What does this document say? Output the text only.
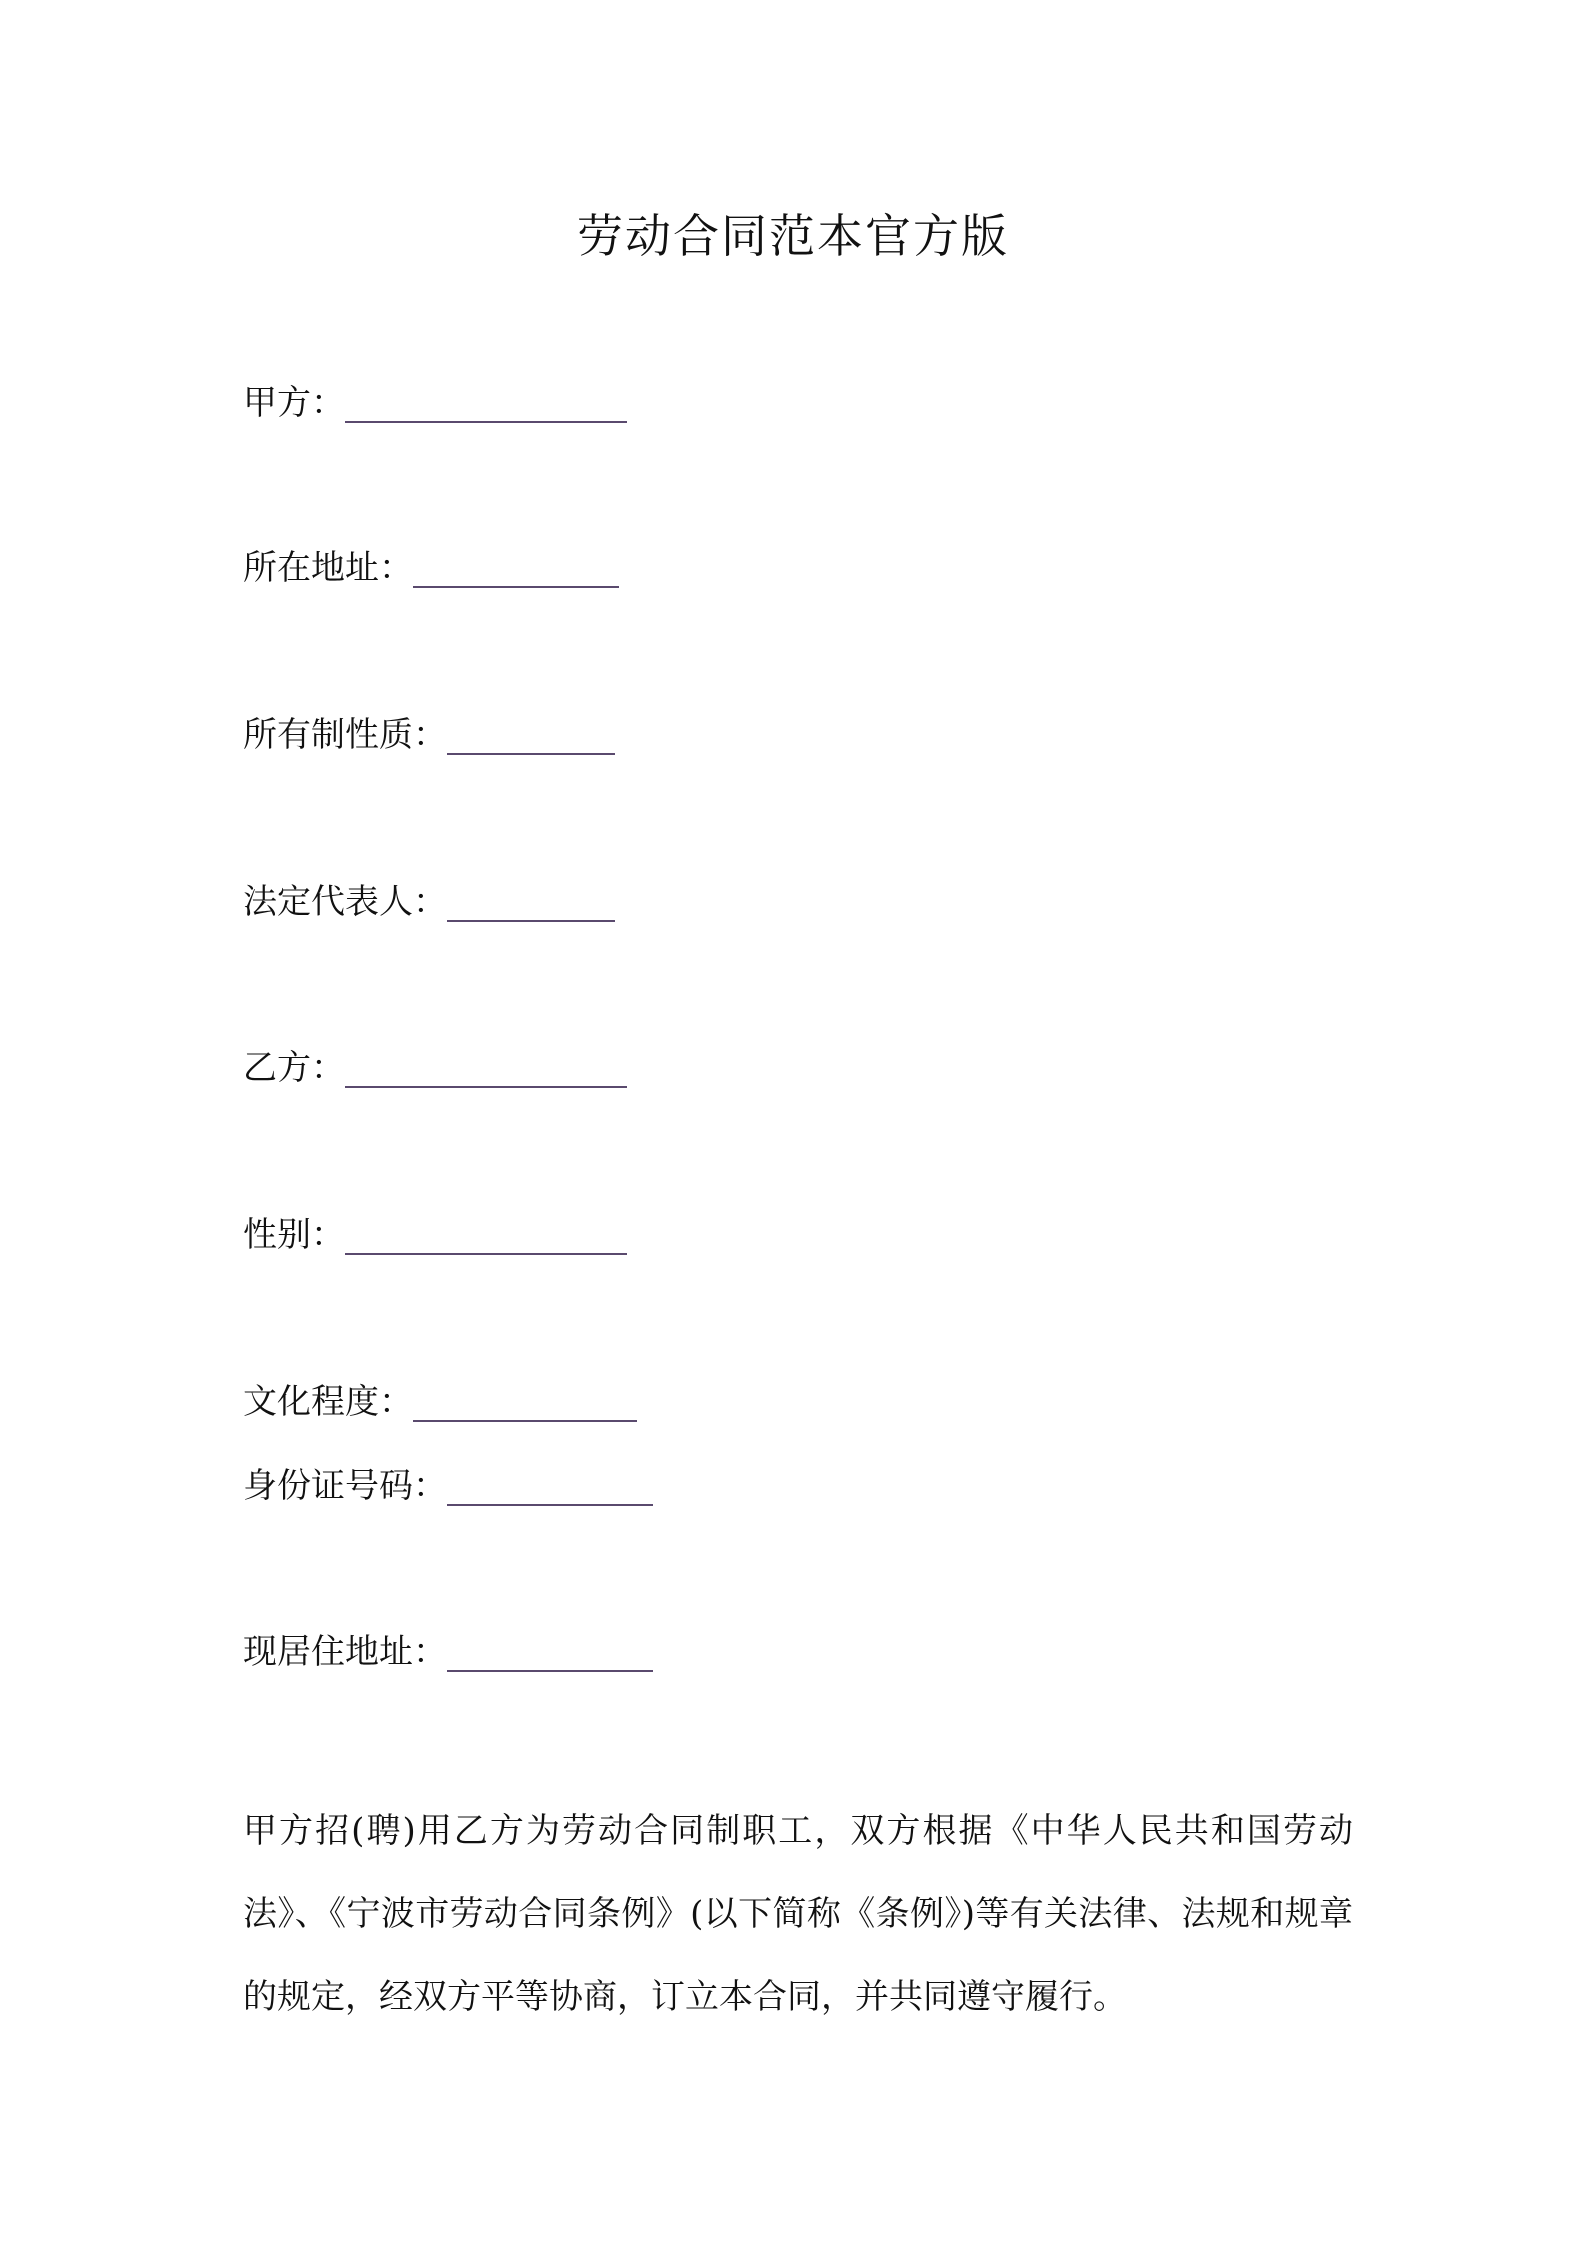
劳动合同范本官方版
甲方：
所在地址：
所有制性质：
法定代表人：
乙方：
性别：
文化程度：
身份证号码：
现居住地址：
甲方招(聘)用乙方为劳动合同制职工，双方根据《中华人民共和国劳动法》、《宁波市劳动合同条例》(以下简称《条例》)等有关法律、法规和规章的规定，经双方平等协商，订立本合同，并共同遵守履行。
